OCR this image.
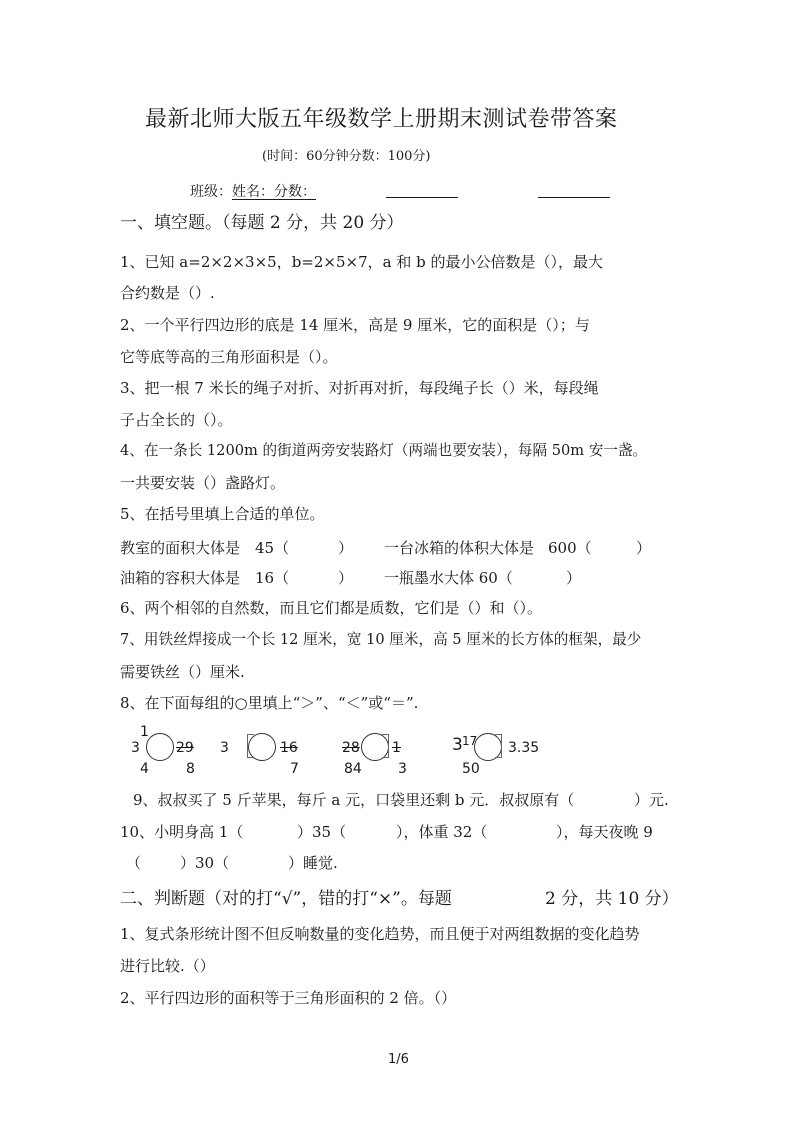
最新北师大版五年级数学上册期末测试卷带答案
(时间：60分钟分数：100分)
班级： 姓名：分数：
一、填空题。（每题 2 分，共 20 分）
1、已知 a=2×2×3×5，b=2×5×7，a 和 b 的最小公倍数是（），最大
合约数是（）.
2、一个平行四边形的底是 14 厘米，高是 9 厘米，它的面积是（）；与
它等底等高的三角形面积是（）。
3、把一根 7 米长的绳子对折、对折再对折，每段绳子长（）米，每段绳
子占全长的（）。
4、在一条长 1200m 的街道两旁安装路灯（两端也要安装），每隔 50m 安一盏。
一共要安装（）盏路灯。
5、在括号里填上合适的单位。
教室的面积大体是 45（	） 一台冰箱的体积大体是 600（	）
油箱的容积大体是 16（	） 一瓶墨水大体 60（	）
6、两个相邻的自然数，而且它们都是质数，它们是（）和（）。
7、用铁丝焊接成一个长 12 厘米，宽 10 厘米，高 5 厘米的长方体的框架，最少
需要铁丝（）厘米.
8、在下面每组的○里填上“＞”、“＜”或“＝”.
1
3	29
4	8
3	16
7
28 1
84	3
3 17 3.35
50
9、叔叔买了 5 斤苹果，每斤 a 元，口袋里还剩 b 元．叔叔原有（	）元.
10、小明身高 1（	）35（	），体重 32（	），每天夜晚 9
（	）30（	）睡觉.
二、判断题（对的打“√”，错的打“×”。每题	2 分，共 10 分）
1、复式条形统计图不但反响数量的变化趋势，而且便于对两组数据的变化趋势
进行比较.（）
2、平行四边形的面积等于三角形面积的 2 倍。（）
1/6
